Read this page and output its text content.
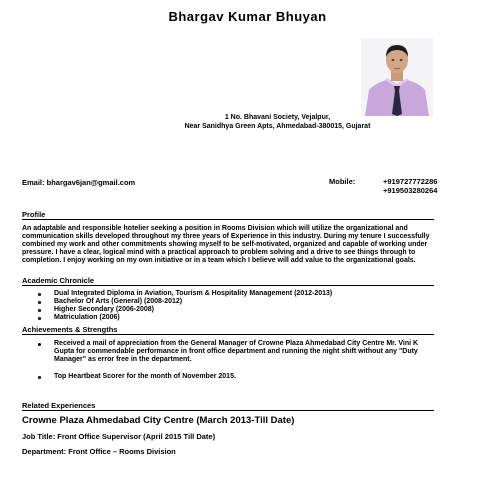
Bhargav Kumar Bhuyan
1 No. Bhavani Society, Vejalpur,
Near Sanidhya Green Apts, Ahmedabad-380015, Gujarat
Email: bhargav6jan@gmail.com	Mobile:	+919727772286
+919503280264
Profile
An adaptable and responsible hotelier seeking a position in Rooms Division which will utilize the organizational and communication skills developed throughout my three years of Experience in this industry. During my tenure I successfully combined my work and other commitments showing myself to be self-motivated, organized and capable of working under pressure. I have a clear, logical mind with a practical approach to problem solving and a drive to see things through to completion. I enjoy working on my own initiative or in a team which I believe will add value to the organizational goals.
Academic Chronicle
Dual Integrated Diploma in Aviation, Tourism & Hospitality Management (2012-2013)
Bachelor Of Arts (General) (2008-2012)
Higher Secondary (2006-2008)
Matriculation (2006)
Achievements & Strengths
Received a mail of appreciation from the General Manager of Crowne Plaza Ahmedabad City Centre Mr. Vini K Gupta for commendable performance in front office department and running the night shift without any "Duty Manager" as error free in the department.
Top Heartbeat Scorer for the month of November 2015.
Related Experiences
Crowne Plaza Ahmedabad City Centre (March 2013-Till Date)
Job Title: Front Office Supervisor (April 2015 Till Date)
Department: Front Office – Rooms Division
